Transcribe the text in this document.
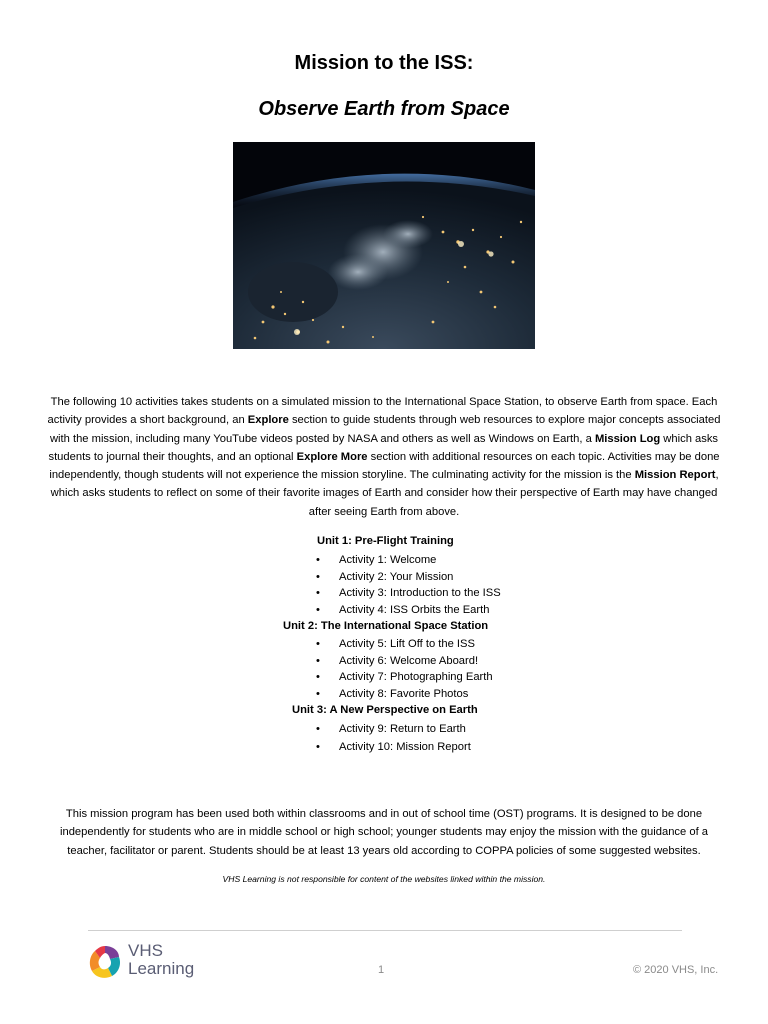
Mission to the ISS:
Observe Earth from Space
The following 10 activities takes students on a simulated mission to the International Space Station, to observe Earth from space. Each activity provides a short background, an Explore section to guide students through web resources to explore major concepts associated with the mission, including many YouTube videos posted by NASA and others as well as Windows on Earth, a Mission Log which asks students to journal their thoughts, and an optional Explore More section with additional resources on each topic. Activities may be done independently, though students will not experience the mission storyline. The culminating activity for the mission is the Mission Report, which asks students to reflect on some of their favorite images of Earth and consider how their perspective of Earth may have changed after seeing Earth from above.
Unit 1: Pre-Flight Training
• Activity 1: Welcome
• Activity 2: Your Mission
• Activity 3: Introduction to the ISS
• Activity 4: ISS Orbits the Earth
Unit 2: The International Space Station
• Activity 5: Lift Off to the ISS
• Activity 6: Welcome Aboard!
• Activity 7: Photographing Earth
• Activity 8: Favorite Photos
Unit 3: A New Perspective on Earth
• Activity 9: Return to Earth
• Activity 10: Mission Report
This mission program has been used both within classrooms and in out of school time (OST) programs. It is designed to be done independently for students who are in middle school or high school; younger students may enjoy the mission with the guidance of a teacher, facilitator or parent. Students should be at least 13 years old according to COPPA policies of some suggested websites.
VHS Learning is not responsible for content of the websites linked within the mission.
VHS
Learning	1	© 2020 VHS, Inc.
